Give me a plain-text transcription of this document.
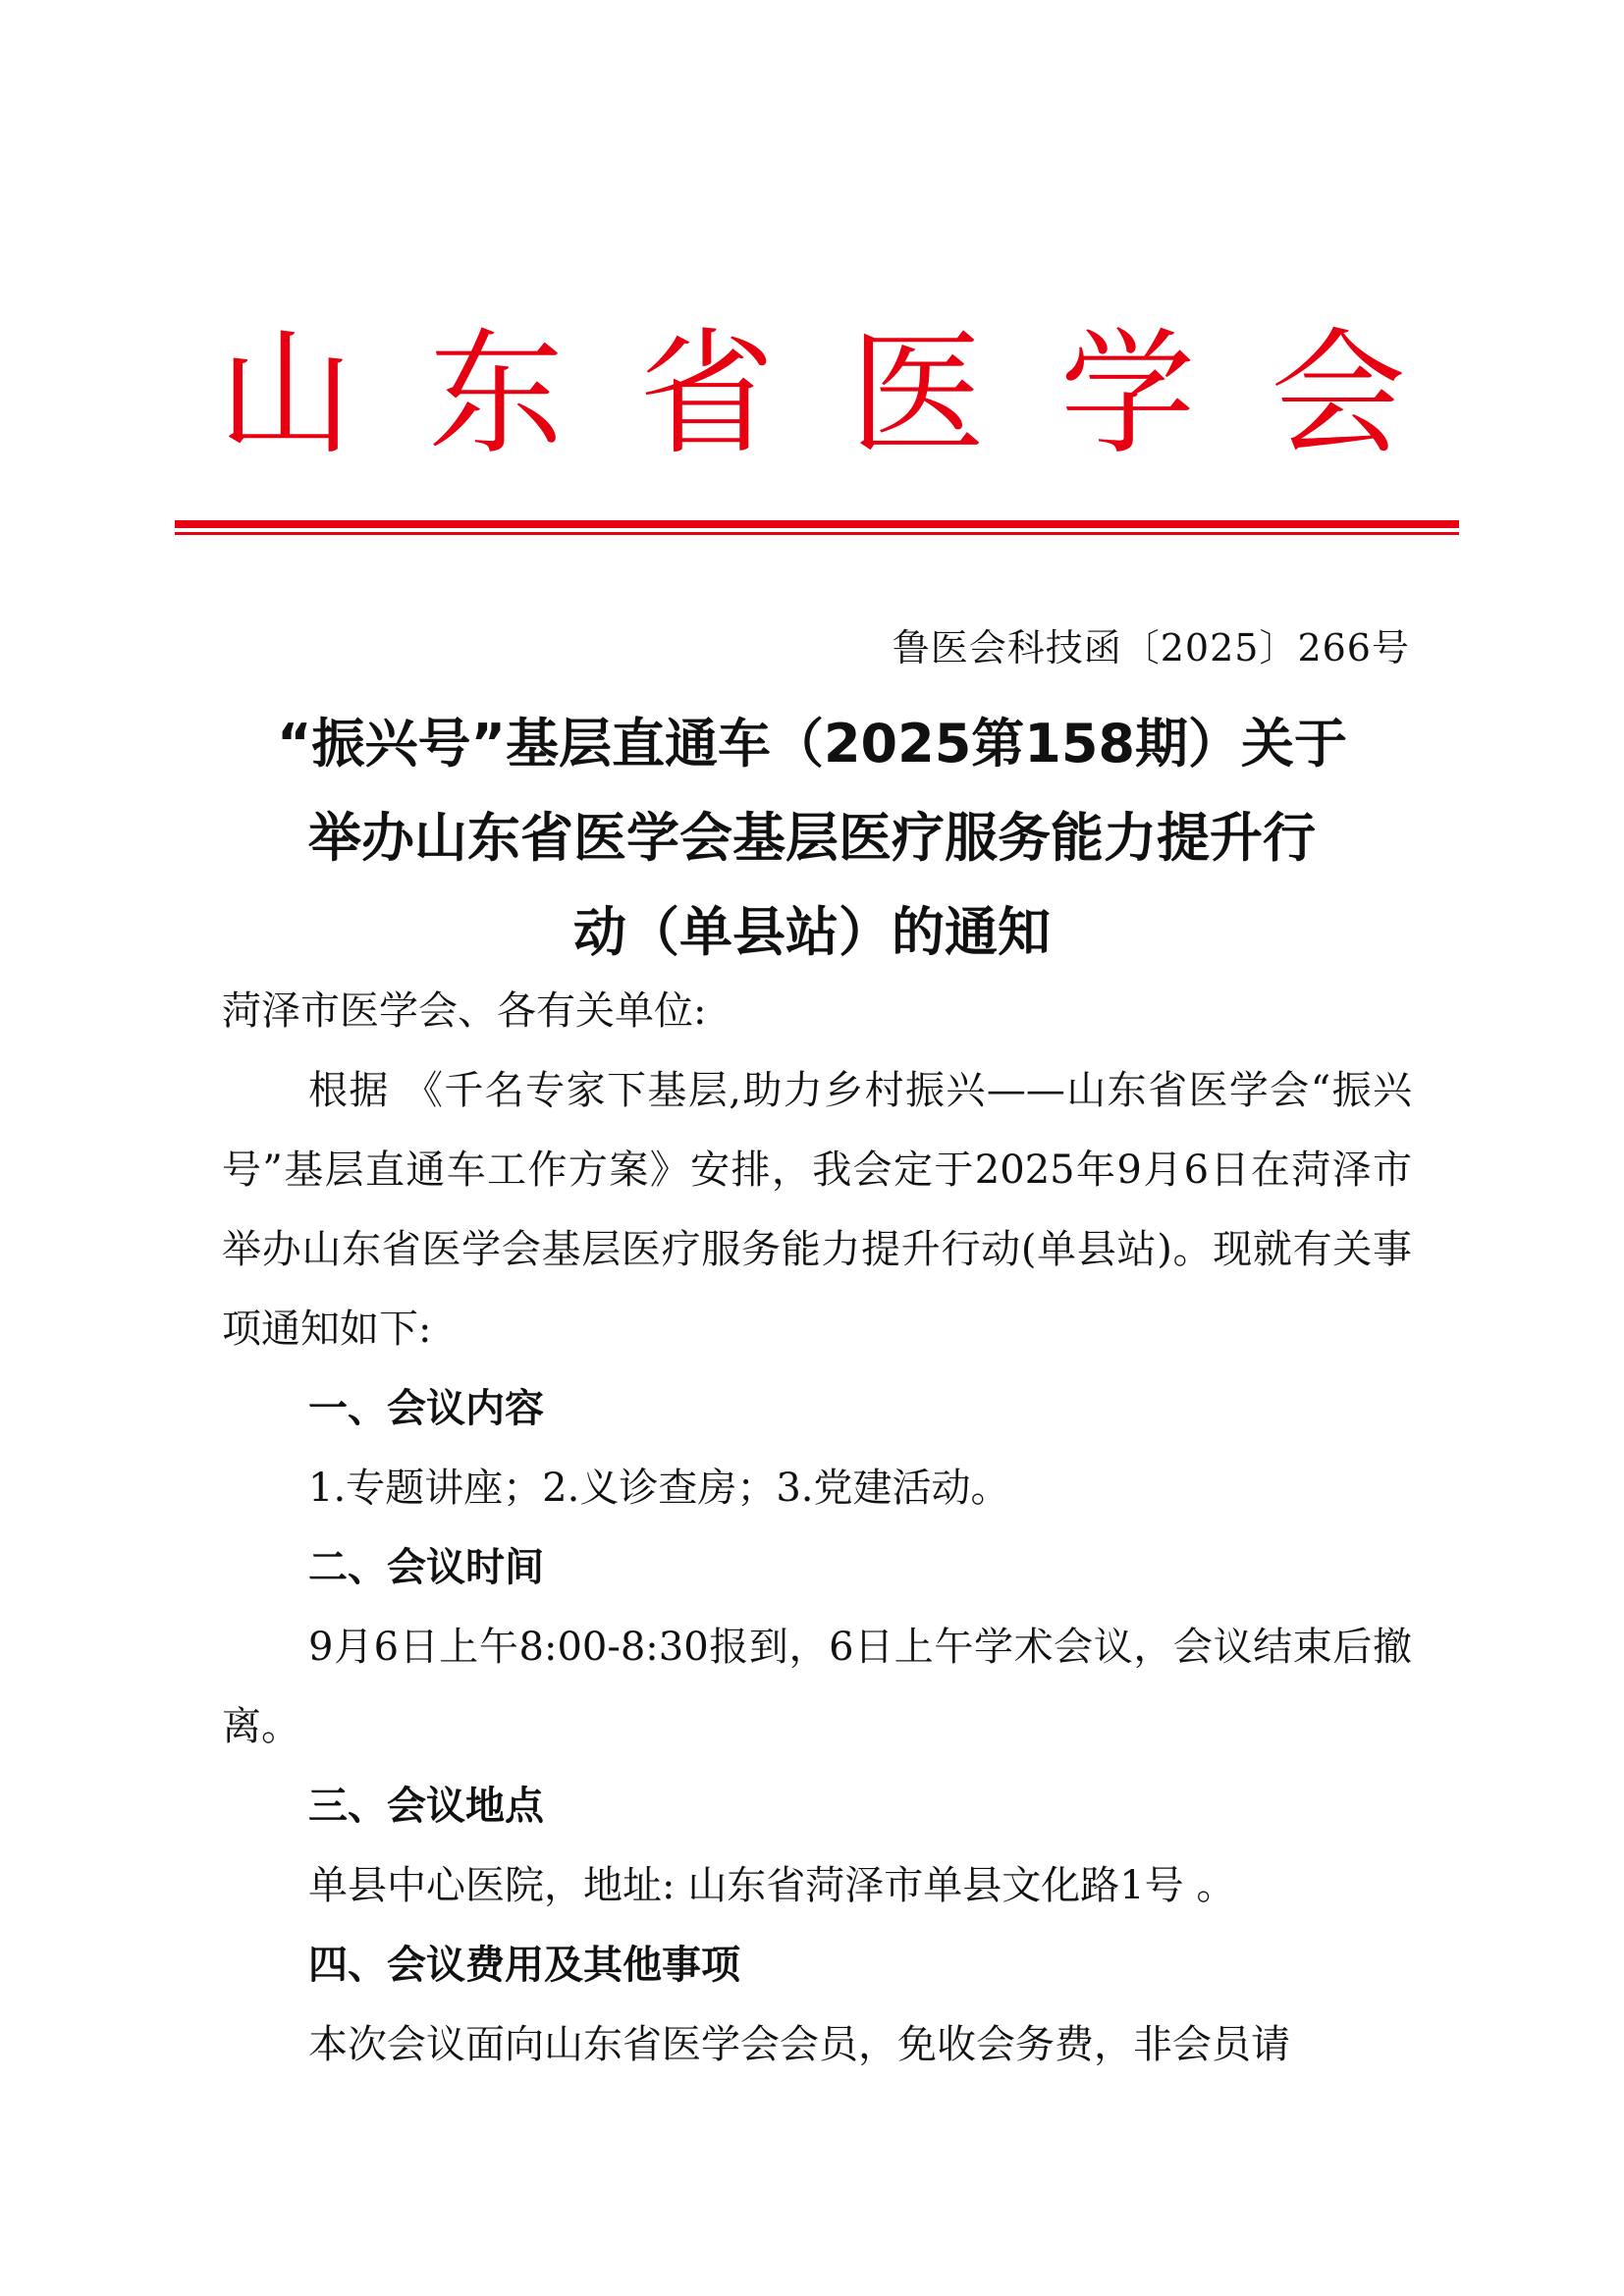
山 东 省 医 学 会
鲁医会科技函〔2025〕266号
“振兴号”基层直通车（2025第158期）关于
举办山东省医学会基层医疗服务能力提升行
动（单县站）的通知

菏泽市医学会、各有关单位:

根据 《千名专家下基层,助力乡村振兴——山东省医学会“振兴号”基层直通车工作方案》安排，我会定于2025年9月6日在菏泽市举办山东省医学会基层医疗服务能力提升行动(单县站)。现就有关事项通知如下:

一、会议内容

1.专题讲座；2.义诊查房；3.党建活动。

二、会议时间

9月6日上午8:00-8:30报到，6日上午学术会议，会议结束后撤离。

三、会议地点

单县中心医院，地址: 山东省菏泽市单县文化路1号 。

四、会议费用及其他事项

本次会议面向山东省医学会会员，免收会务费，非会员请
